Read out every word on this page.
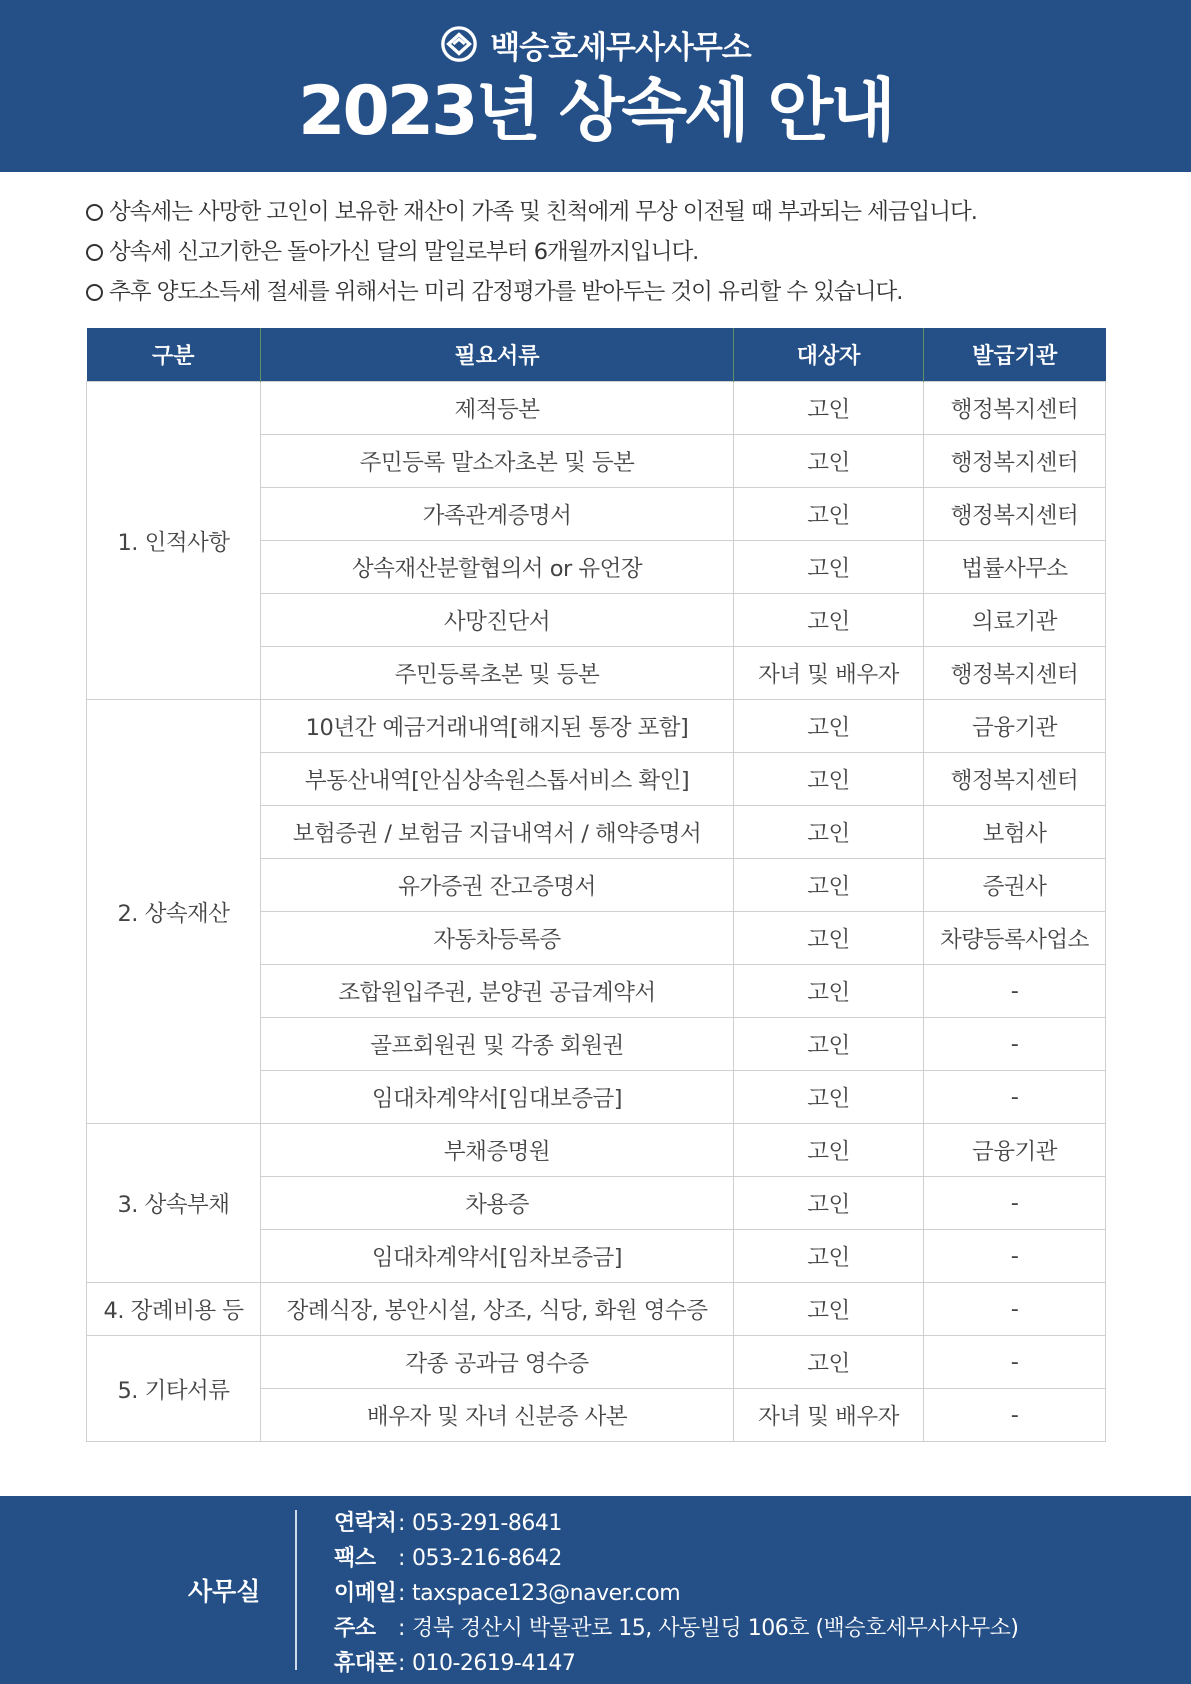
백승호세무사사무소
2023년 상속세 안내
상속세는 사망한 고인이 보유한 재산이 가족 및 친척에게 무상 이전될 때 부과되는 세금입니다.
상속세 신고기한은 돌아가신 달의 말일로부터 6개월까지입니다.
추후 양도소득세 절세를 위해서는 미리 감정평가를 받아두는 것이 유리할 수 있습니다.
구분	필요서류	대상자	발급기관
1. 인적사항	제적등본	고인	행정복지센터
	주민등록 말소자초본 및 등본	고인	행정복지센터
	가족관계증명서	고인	행정복지센터
	상속재산분할협의서 or 유언장	고인	법률사무소
	사망진단서	고인	의료기관
	주민등록초본 및 등본	자녀 및 배우자	행정복지센터
2. 상속재산	10년간 예금거래내역[해지된 통장 포함]	고인	금융기관
	부동산내역[안심상속원스톱서비스 확인]	고인	행정복지센터
	보험증권 / 보험금 지급내역서 / 해약증명서	고인	보험사
	유가증권 잔고증명서	고인	증권사
	자동차등록증	고인	차량등록사업소
	조합원입주권, 분양권 공급계약서	고인	-
	골프회원권 및 각종 회원권	고인	-
	임대차계약서[임대보증금]	고인	-
3. 상속부채	부채증명원	고인	금융기관
	차용증	고인	-
	임대차계약서[임차보증금]	고인	-
4. 장례비용 등	장례식장, 봉안시설, 상조, 식당, 화원 영수증	고인	-
5. 기타서류	각종 공과금 영수증	고인	-
	배우자 및 자녀 신분증 사본	자녀 및 배우자	-
사무실
연락처 : 053-291-8641
팩스	: 053-216-8642
이메일 : taxspace123@naver.com
주소	: 경북 경산시 박물관로 15, 사동빌딩 106호 (백승호세무사사무소)
휴대폰 : 010-2619-4147
